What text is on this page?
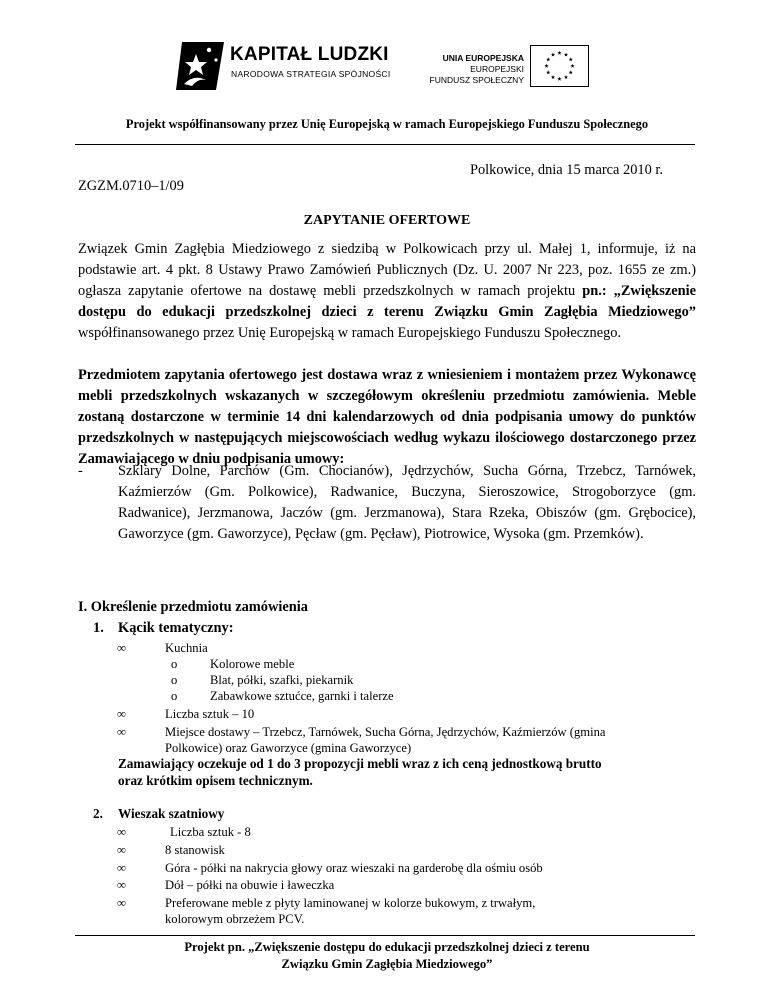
KAPITAŁ LUDZKI
NARODOWA STRATEGIA SPÓJNOŚCI
UNIA EUROPEJSKA
EUROPEJSKI
FUNDUSZ SPOŁECZNY
Projekt współfinansowany przez Unię Europejską w ramach Europejskiego Funduszu Społecznego
Polkowice, dnia 15 marca 2010 r.
ZGZM.0710–1/09
ZAPYTANIE OFERTOWE
Związek Gmin Zagłębia Miedziowego z siedzibą w Polkowicach przy ul. Małej 1, informuje, iż na podstawie art. 4 pkt. 8 Ustawy Prawo Zamówień Publicznych (Dz. U. 2007 Nr 223, poz. 1655 ze zm.) ogłasza zapytanie ofertowe na dostawę mebli przedszkolnych w ramach projektu pn.: „Zwiększenie dostępu do edukacji przedszkolnej dzieci z terenu Związku Gmin Zagłębia Miedziowego” współfinansowanego przez Unię Europejską w ramach Europejskiego Funduszu Społecznego.
Przedmiotem zapytania ofertowego jest dostawa wraz z wniesieniem i montażem przez Wykonawcę mebli przedszkolnych wskazanych w szczegółowym określeniu przedmiotu zamówienia. Meble zostaną dostarczone w terminie 14 dni kalendarzowych od dnia podpisania umowy do punktów przedszkolnych w następujących miejscowościach według wykazu ilościowego dostarczonego przez Zamawiającego w dniu podpisania umowy:
-	Szklary Dolne, Parchów (Gm. Chocianów), Jędrzychów, Sucha Górna, Trzebcz, Tarnówek, Kaźmierzów (Gm. Polkowice), Radwanice, Buczyna, Sieroszowice, Strogoborzyce (gm. Radwanice), Jerzmanowa, Jaczów (gm. Jerzmanowa), Stara Rzeka, Obiszów (gm. Grębocice), Gaworzyce (gm. Gaworzyce), Pęcław (gm. Pęcław), Piotrowice, Wysoka (gm. Przemków).
I. Określenie przedmiotu zamówienia
1. Kącik tematyczny:
∞	Kuchnia
o	Kolorowe meble
o	Blat, półki, szafki, piekarnik
o	Zabawkowe sztućce, garnki i talerze
∞	Liczba sztuk – 10
∞	Miejsce dostawy – Trzebcz, Tarnówek, Sucha Górna, Jędrzychów, Kaźmierzów (gmina
Polkowice) oraz Gaworzyce (gmina Gaworzyce)
Zamawiający oczekuje od 1 do 3 propozycji mebli wraz z ich ceną jednostkową brutto
oraz krótkim opisem technicznym.
2. Wieszak szatniowy
∞	Liczba sztuk - 8
∞	8 stanowisk
∞	Góra - półki na nakrycia głowy oraz wieszaki na garderobę dla ośmiu osób
∞	Dół – półki na obuwie i ławeczka
∞	Preferowane meble z płyty laminowanej w kolorze bukowym, z trwałym,
kolorowym obrzeżem PCV.
Projekt pn. „Zwiększenie dostępu do edukacji przedszkolnej dzieci z terenu
Związku Gmin Zagłębia Miedziowego”
